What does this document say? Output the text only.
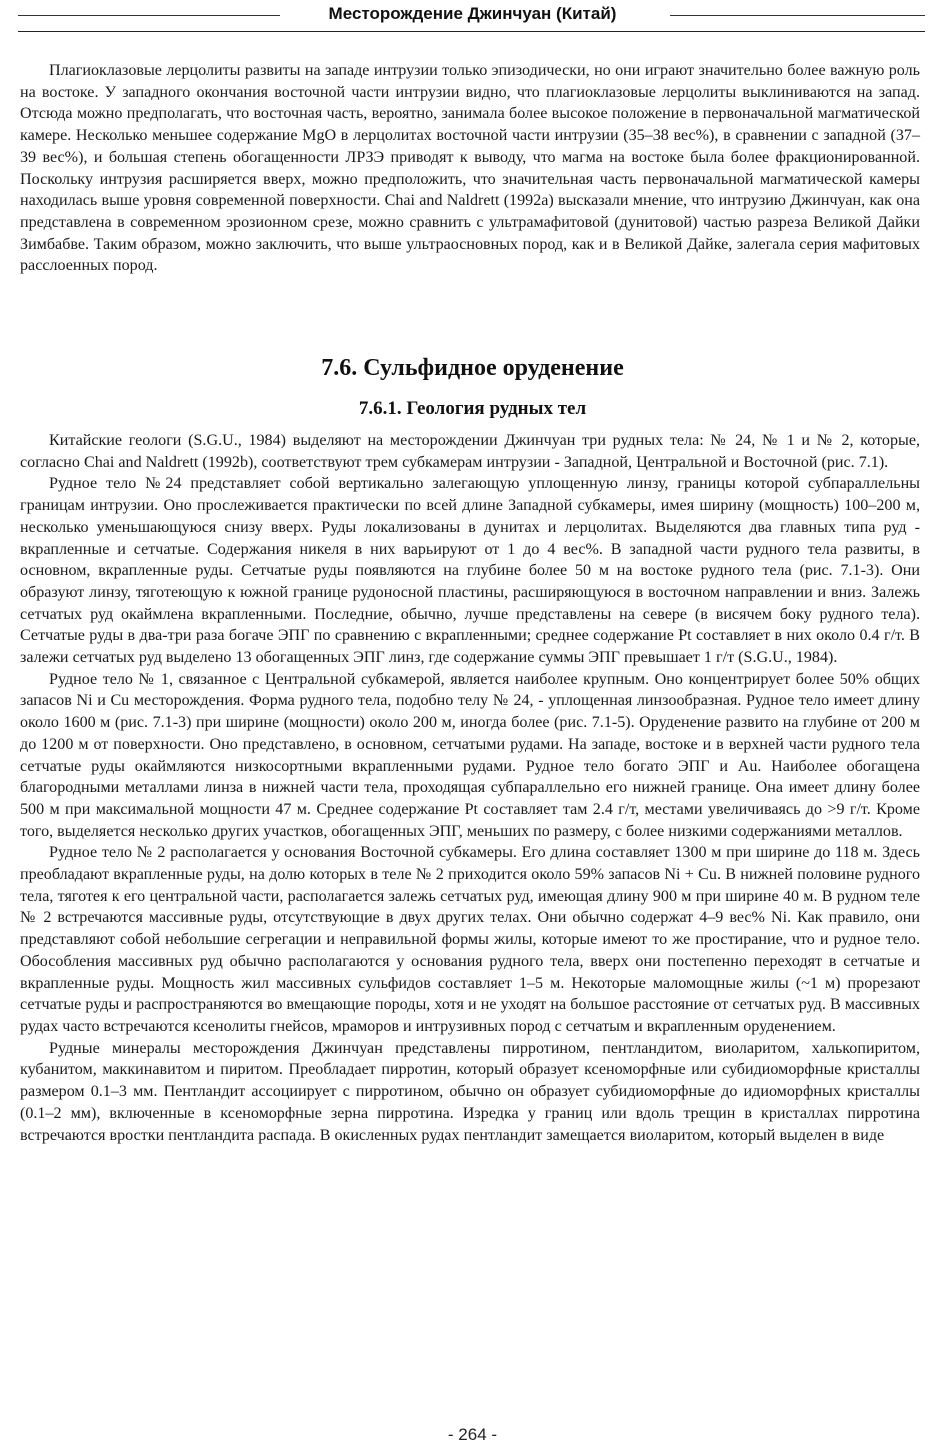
Месторождение Джинчуан (Китай)

Плагиоклазовые лерцолиты развиты на западе интрузии только эпизодически, но они играют значительно более важную роль на востоке. У западного окончания восточной части интрузии видно, что плагиоклазовые лерцолиты выклиниваются на запад. Отсюда можно предполагать, что восточная часть, вероятно, занимала более высокое положение в первоначальной магматической камере. Несколько меньшее содержание MgO в лерцолитах восточной части интрузии (35–38 вес%), в сравнении с западной (37–39 вес%), и большая степень обогащенности ЛРЗЭ приводят к выводу, что магма на востоке была более фракционированной. Поскольку интрузия расширяется вверх, можно предположить, что значительная часть первоначальной магматической камеры находилась выше уровня современной поверхности. Chai and Naldrett (1992a) высказали мнение, что интрузию Джинчуан, как она представлена в современном эрозионном срезе, можно сравнить с ультрамафитовой (дунитовой) частью разреза Великой Дайки Зимбабве. Таким образом, можно заключить, что выше ультраосновных пород, как и в Великой Дайке, залегала серия мафитовых расслоенных пород.

7.6. Сульфидное оруденение
7.6.1. Геология рудных тел

Китайские геологи (S.G.U., 1984) выделяют на месторождении Джинчуан три рудных тела: № 24, № 1 и № 2, которые, согласно Chai and Naldrett (1992b), соответствуют трем субкамерам интрузии - Западной, Центральной и Восточной (рис. 7.1).

Рудное тело №24 представляет собой вертикально залегающую уплощенную линзу, границы которой субпараллельны границам интрузии. Оно прослеживается практически по всей длине Западной субкамеры, имея ширину (мощность) 100–200 м, несколько уменьшающуюся снизу вверх. Руды локализованы в дунитах и лерцолитах. Выделяются два главных типа руд - вкрапленные и сетчатые. Содержания никеля в них варьируют от 1 до 4 вес%. В западной части рудного тела развиты, в основном, вкрапленные руды. Сетчатые руды появляются на глубине более 50 м на востоке рудного тела (рис. 7.1-3). Они образуют линзу, тяготеющую к южной границе рудоносной пластины, расширяющуюся в восточном направлении и вниз. Залежь сетчатых руд окаймлена вкрапленными. Последние, обычно, лучше представлены на севере (в висячем боку рудного тела). Сетчатые руды в два-три раза богаче ЭПГ по сравнению с вкрапленными; среднее содержание Pt составляет в них около 0.4 г/т. В залежи сетчатых руд выделено 13 обогащенных ЭПГ линз, где содержание суммы ЭПГ превышает 1 г/т (S.G.U., 1984).

Рудное тело № 1, связанное с Центральной субкамерой, является наиболее крупным. Оно концентрирует более 50% общих запасов Ni и Cu месторождения. Форма рудного тела, подобно телу № 24, - уплощенная линзообразная. Рудное тело имеет длину около 1600 м (рис. 7.1-3) при ширине (мощности) около 200 м, иногда более (рис. 7.1-5). Оруденение развито на глубине от 200 м до 1200 м от поверхности. Оно представлено, в основном, сетчатыми рудами. На западе, востоке и в верхней части рудного тела сетчатые руды окаймляются низкосортными вкрапленными рудами. Рудное тело богато ЭПГ и Au. Наиболее обогащена благородными металлами линза в нижней части тела, проходящая субпараллельно его нижней границе. Она имеет длину более 500 м при максимальной мощности 47 м. Среднее содержание Pt составляет там 2.4 г/т, местами увеличиваясь до >9 г/т. Кроме того, выделяется несколько других участков, обогащенных ЭПГ, меньших по размеру, с более низкими содержаниями металлов.

Рудное тело № 2 располагается у основания Восточной субкамеры. Его длина составляет 1300 м при ширине до 118 м. Здесь преобладают вкрапленные руды, на долю которых в теле № 2 приходится около 59% запасов Ni + Cu. В нижней половине рудного тела, тяготея к его центральной части, располагается залежь сетчатых руд, имеющая длину 900 м при ширине 40 м. В рудном теле № 2 встречаются массивные руды, отсутствующие в двух других телах. Они обычно содержат 4–9 вес% Ni. Как правило, они представляют собой небольшие сегрегации и неправильной формы жилы, которые имеют то же простирание, что и рудное тело. Обособления массивных руд обычно располагаются у основания рудного тела, вверх они постепенно переходят в сетчатые и вкрапленные руды. Мощность жил массивных сульфидов составляет 1–5 м. Некоторые маломощные жилы (~1 м) прорезают сетчатые руды и распространяются во вмещающие породы, хотя и не уходят на большое расстояние от сетчатых руд. В массивных рудах часто встречаются ксенолиты гнейсов, мраморов и интрузивных пород с сетчатым и вкрапленным оруденением.

Рудные минералы месторождения Джинчуан представлены пирротином, пентландитом, виоларитом, халькопиритом, кубанитом, маккинавитом и пиритом. Преобладает пирротин, который образует ксеноморфные или субидиоморфные кристаллы размером 0.1–3 мм. Пентландит ассоциирует с пирротином, обычно он образует субидиоморфные до идиоморфных кристаллы (0.1–2 мм), включенные в ксеноморфные зерна пирротина. Изредка у границ или вдоль трещин в кристаллах пирротина встречаются вростки пентландита распада. В окисленных рудах пентландит замещается виоларитом, который выделен в виде

- 264 -
